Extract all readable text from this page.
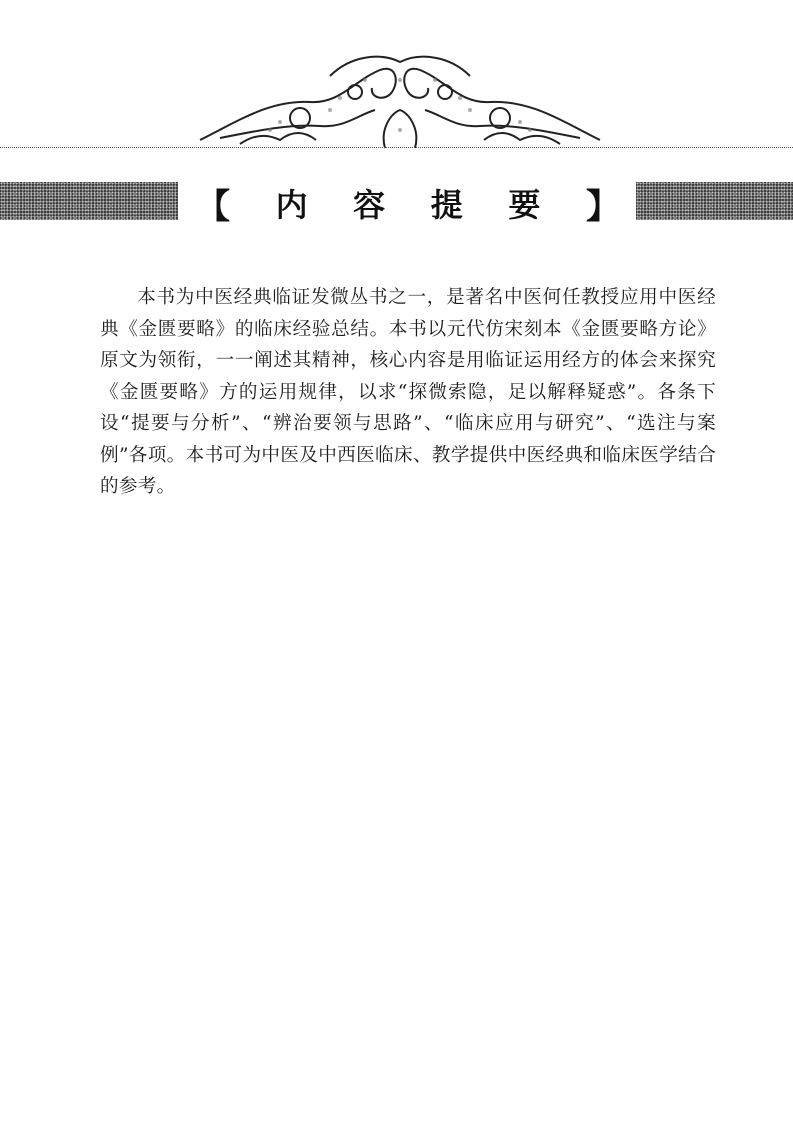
【 内 容 提 要 】

本书为中医经典临证发微丛书之一，是著名中医何任教授应用中医经典《金匮要略》的临床经验总结。本书以元代仿宋刻本《金匮要略方论》原文为领衔，一一阐述其精神，核心内容是用临证运用经方的体会来探究《金匮要略》方的运用规律，以求“探微索隐，足以解释疑惑”。各条下设“提要与分析”、“辨治要领与思路”、“临床应用与研究”、“选注与案例”各项。本书可为中医及中西医临床、教学提供中医经典和临床医学结合的参考。
